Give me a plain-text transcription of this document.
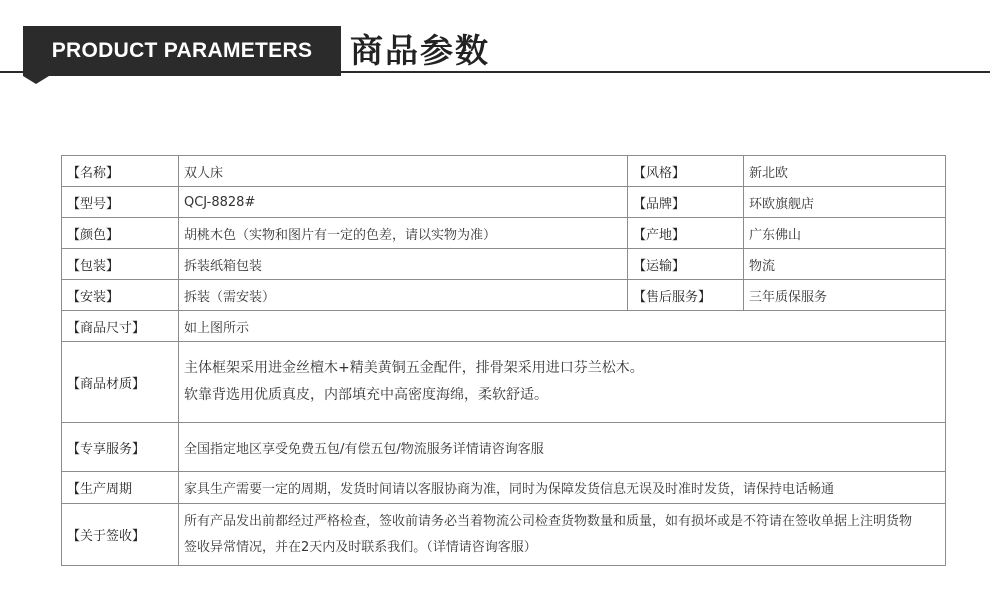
PRODUCT PARAMETERS	商品参数
【名称】	双人床	【风格】	新北欧
【型号】	QCJ-8828#	【品牌】	环欧旗舰店
【颜色】	胡桃木色（实物和图片有一定的色差，请以实物为准）	【产地】	广东佛山
【包装】	拆装纸箱包装	【运输】	物流
【安装】	拆装（需安装）	【售后服务】	三年质保服务
【商品尺寸】	如上图所示		
【商品材质】	主体框架采用进金丝檀木+精美黄铜五金配件，排骨架采用进口芬兰松木。
软靠背选用优质真皮，内部填充中高密度海绵，柔软舒适。		

【专享服务】	全国指定地区享受免费五包/有偿五包/物流服务详情请咨询客服		
【生产周期	家具生产需要一定的周期，发货时间请以客服协商为准，同时为保障发货信息无误及时准时发货，请保持电话畅通		
【关于签收】	所有产品发出前都经过严格检查，签收前请务必当着物流公司检查货物数量和质量，如有损坏或是不符请在签收单据上注明货物
签收异常情况，并在2天内及时联系我们。（详情请咨询客服）		
